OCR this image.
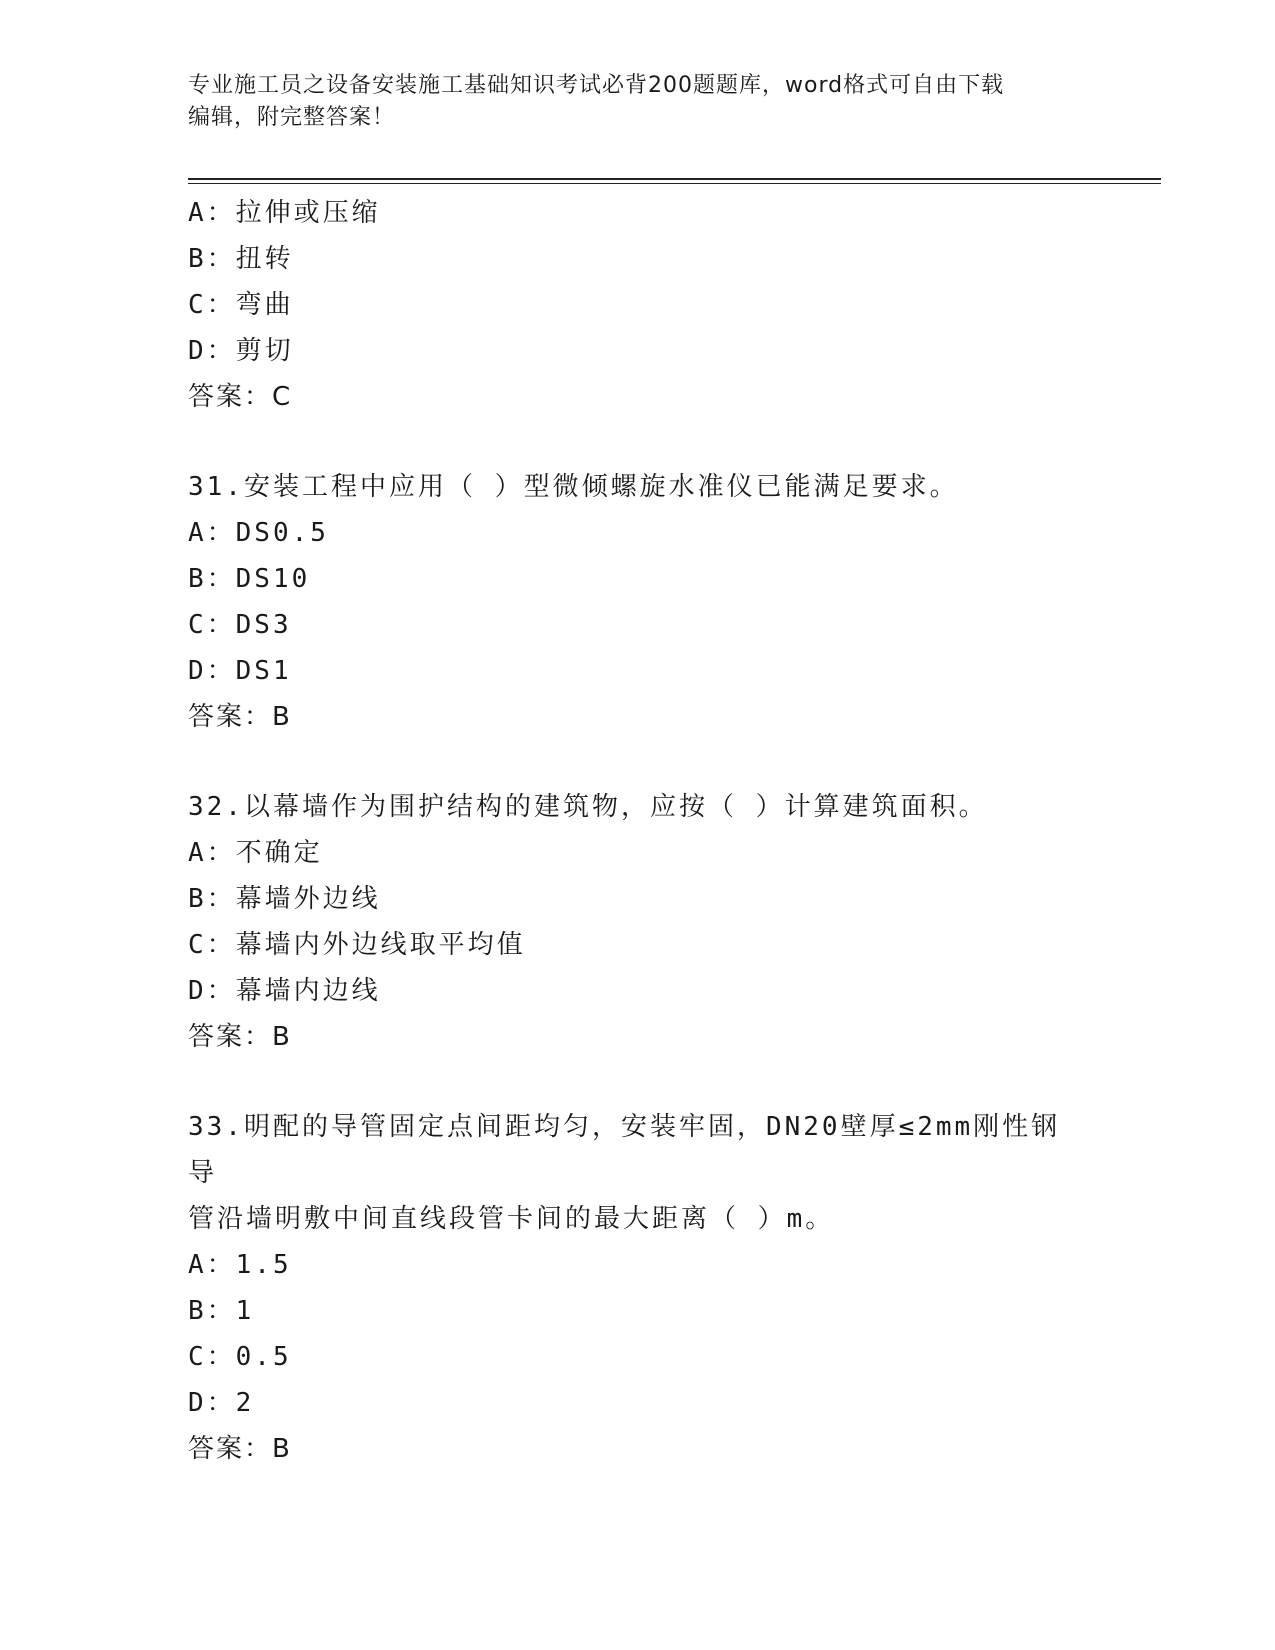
专业施工员之设备安装施工基础知识考试必背200题题库，word格式可自由下载
编辑，附完整答案！
A：拉伸或压缩
B：扭转
C：弯曲
D：剪切
答案：C
31.安装工程中应用（ ）型微倾螺旋水准仪已能满足要求。
A：DS0.5
B：DS10
C：DS3
D：DS1
答案：B
32.以幕墙作为围护结构的建筑物，应按（ ）计算建筑面积。
A：不确定
B：幕墙外边线
C：幕墙内外边线取平均值
D：幕墙内边线
答案：B
33.明配的导管固定点间距均匀，安装牢固，DN20壁厚≤2mm刚性钢导
管沿墙明敷中间直线段管卡间的最大距离（ ）m。
A：1.5
B：1
C：0.5
D：2
答案：B
